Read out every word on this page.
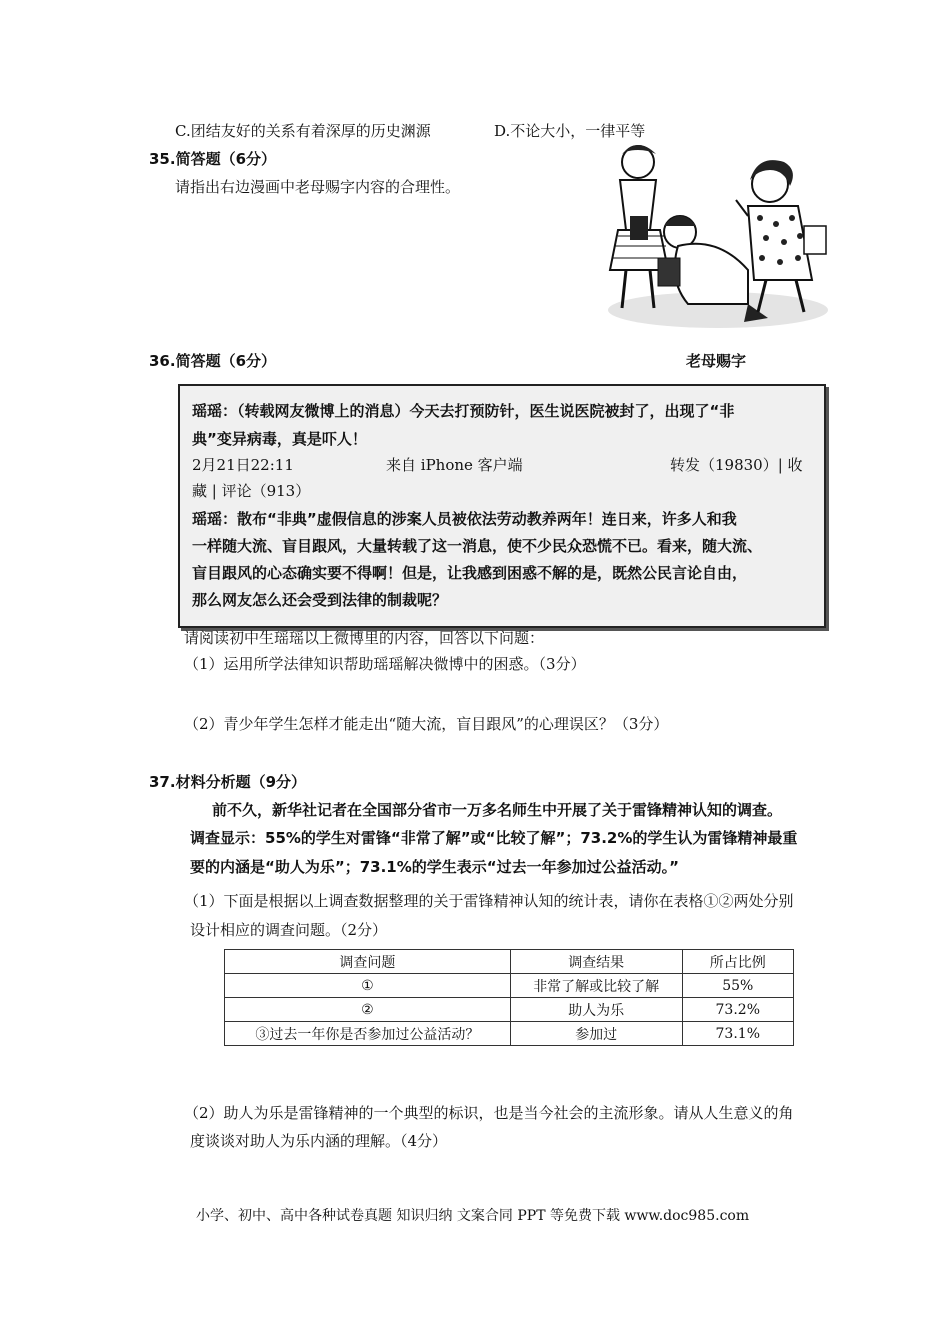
C.团结友好的关系有着深厚的历史渊源	D.不论大小，一律平等
35.简答题（6分）
请指出右边漫画中老母赐字内容的合理性。
36.简答题（6分）	老母赐字
瑶瑶：（转载网友微博上的消息）今天去打预防针，医生说医院被封了，出现了“非
典”变异病毒，真是吓人！
2月21日22:11	来自 iPhone 客户端	转发（19830）| 收
藏 | 评论（913）
瑶瑶：散布“非典”虚假信息的涉案人员被依法劳动教养两年！连日来，许多人和我
一样随大流、盲目跟风，大量转载了这一消息，使不少民众恐慌不已。看来，随大流、
盲目跟风的心态确实要不得啊！但是，让我感到困惑不解的是，既然公民言论自由，
那么网友怎么还会受到法律的制裁呢？
请阅读初中生瑶瑶以上微博里的内容，回答以下问题：
（1）运用所学法律知识帮助瑶瑶解决微博中的困惑。（3分）
（2）青少年学生怎样才能走出“随大流，盲目跟风”的心理误区？（3分）
37.材料分析题（9分）
前不久，新华社记者在全国部分省市一万多名师生中开展了关于雷锋精神认知的调查。
调查显示：55%的学生对雷锋“非常了解”或“比较了解”；73.2%的学生认为雷锋精神最重
要的内涵是“助人为乐”；73.1%的学生表示“过去一年参加过公益活动。”
（1）下面是根据以上调查数据整理的关于雷锋精神认知的统计表，请你在表格①②两处分别
设计相应的调查问题。（2分）
调查问题	调查结果	所占比例
①	非常了解或比较了解	55%
②	助人为乐	73.2%
③过去一年你是否参加过公益活动？	参加过	73.1%
（2）助人为乐是雷锋精神的一个典型的标识，也是当今社会的主流形象。请从人生意义的角
度谈谈对助人为乐内涵的理解。（4分）
小学、初中、高中各种试卷真题 知识归纳 文案合同 PPT 等免费下载 www.doc985.com
